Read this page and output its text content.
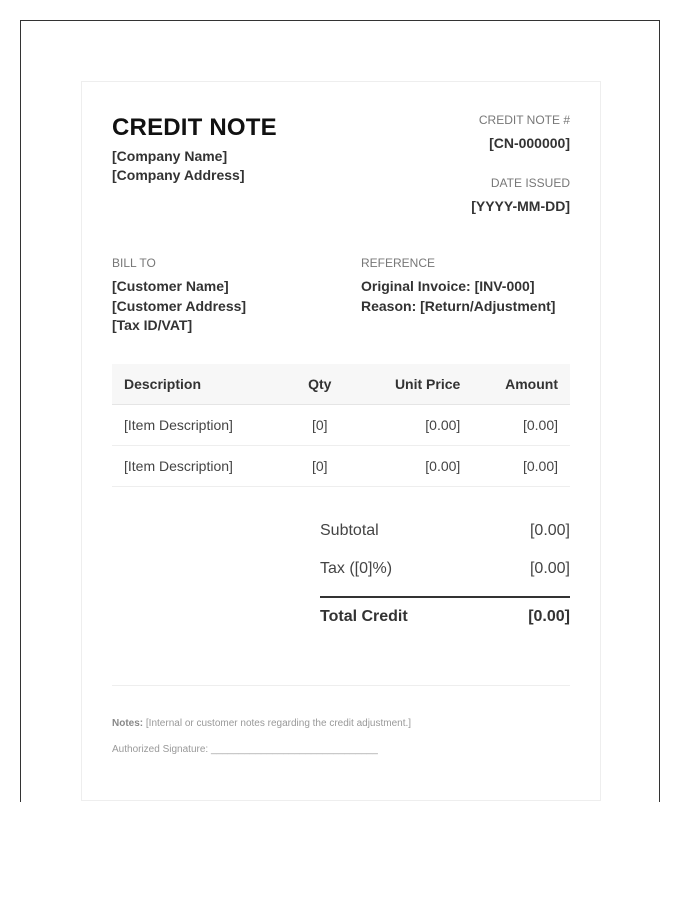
CREDIT NOTE
[Company Name]
[Company Address]
CREDIT NOTE #
[CN-000000]
DATE ISSUED
[YYYY-MM-DD]
BILL TO
[Customer Name]
[Customer Address]
[Tax ID/VAT]
REFERENCE
Original Invoice: [INV-000]
Reason: [Return/Adjustment]
Description	Qty	Unit Price	Amount
[Item Description]	[0]	[0.00]	[0.00]
[Item Description]	[0]	[0.00]	[0.00]
Subtotal	[0.00]
Tax ([0]%)	[0.00]
Total Credit	[0.00]
Notes: [Internal or customer notes regarding the credit adjustment.]
Authorized Signature: ______________________________
